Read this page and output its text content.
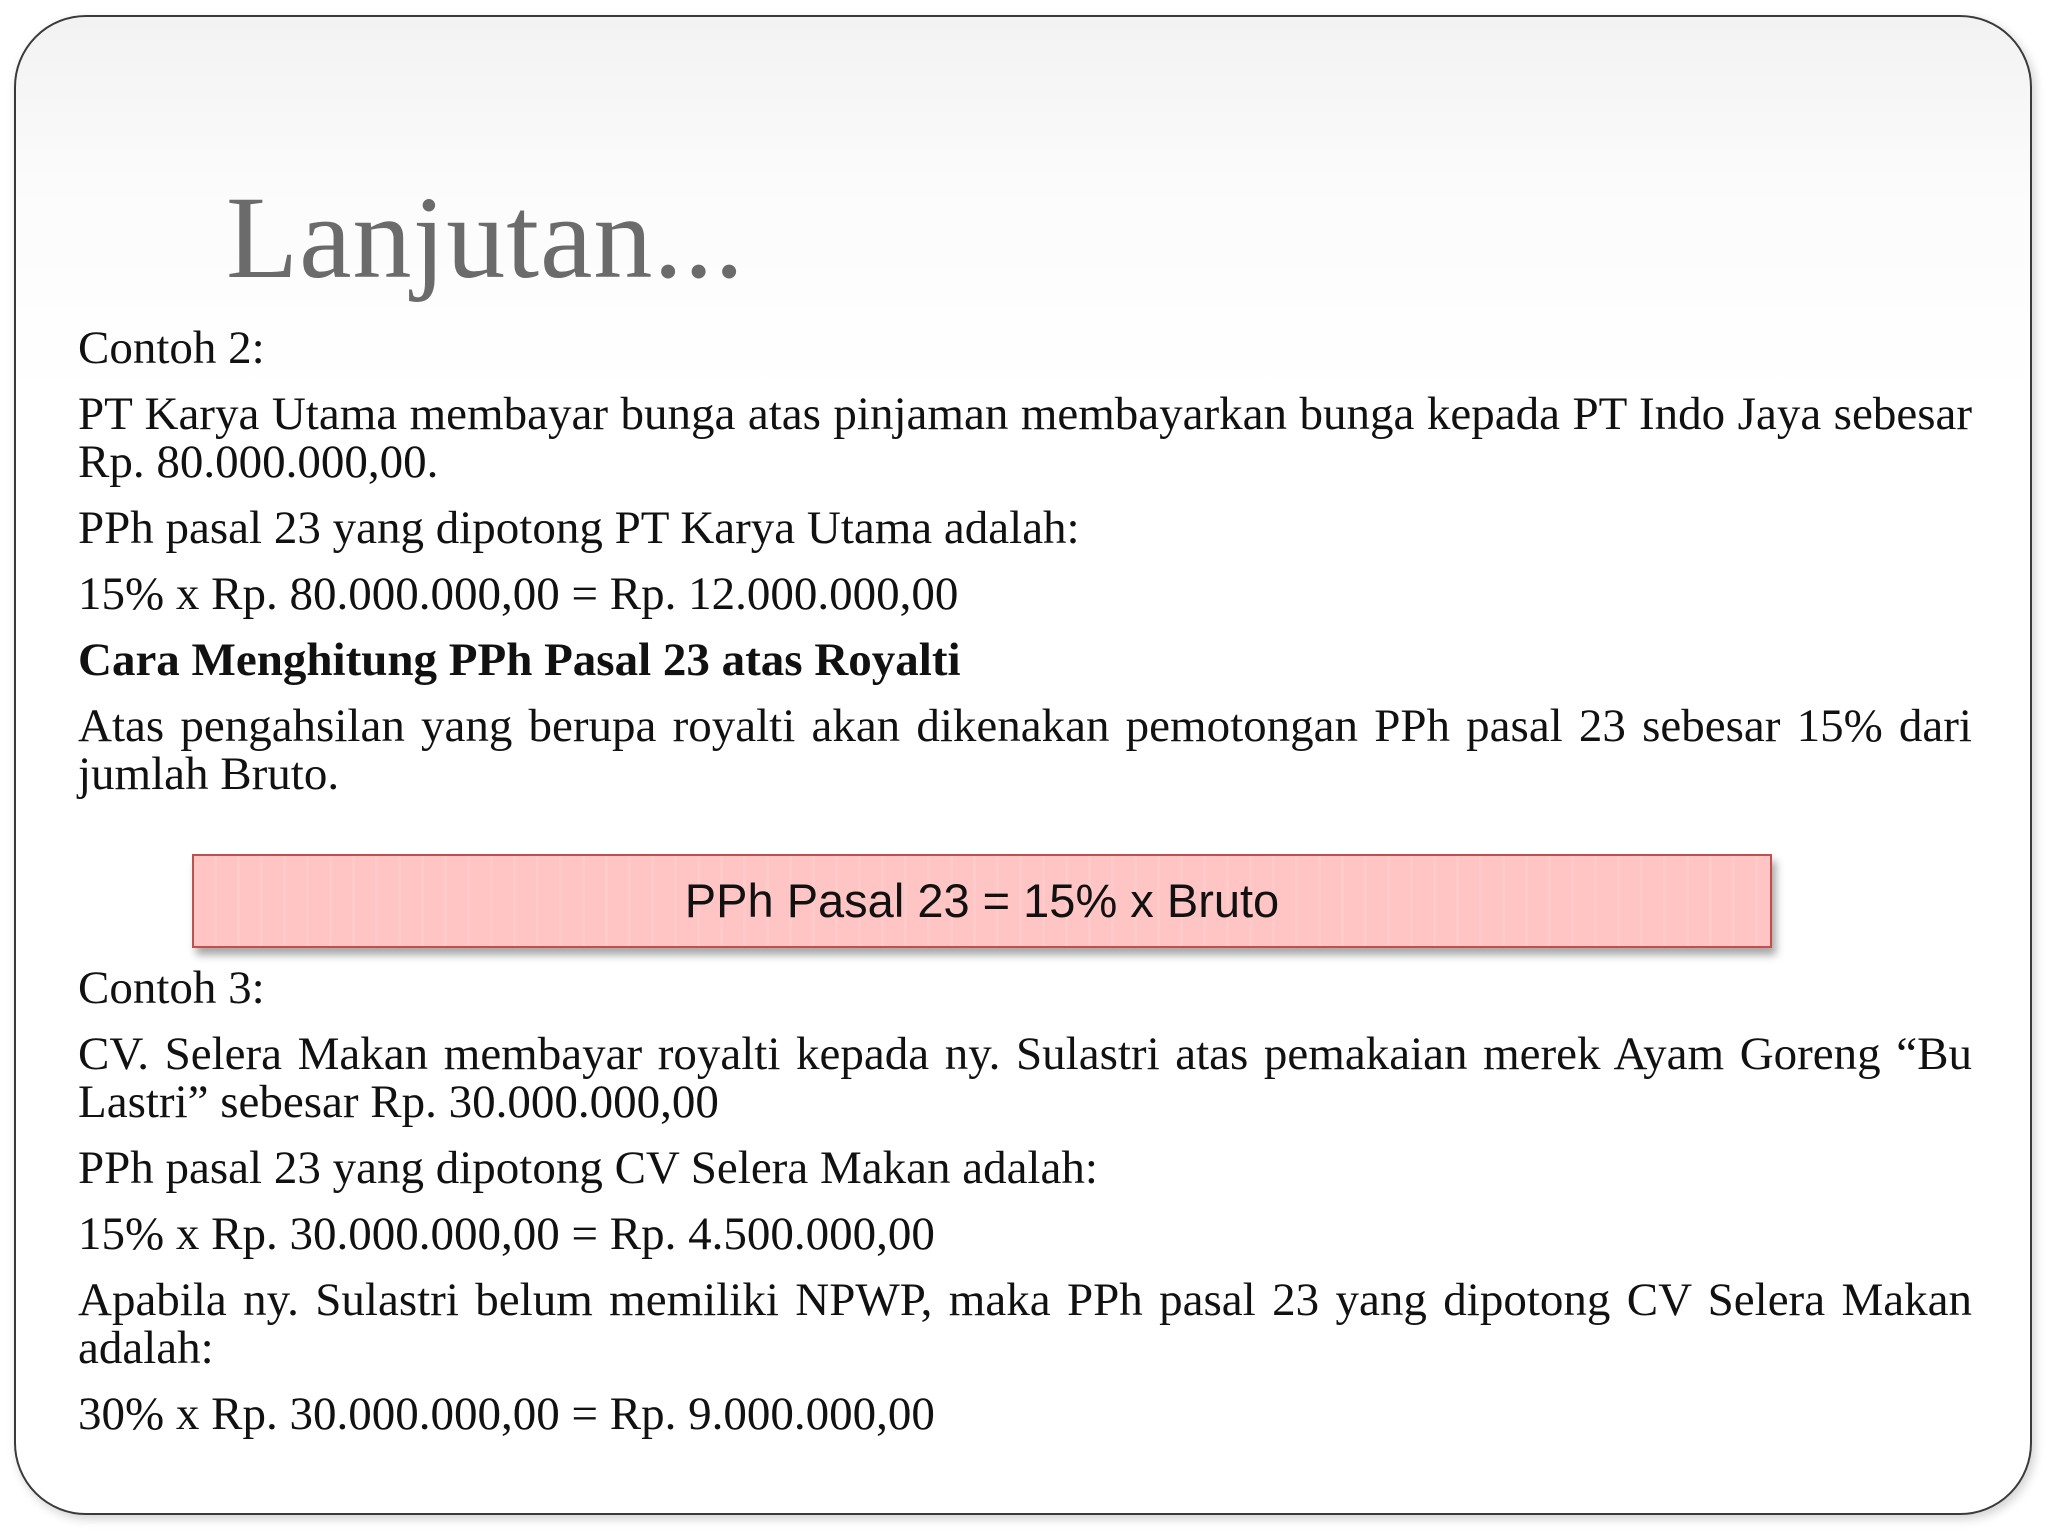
Lanjutan...

Contoh 2:

PT Karya Utama membayar bunga atas pinjaman membayarkan bunga kepada PT Indo Jaya sebesar Rp. 80.000.000,00.

PPh pasal 23 yang dipotong PT Karya Utama adalah:

15% x Rp. 80.000.000,00 = Rp. 12.000.000,00

Cara Menghitung PPh Pasal 23 atas Royalti

Atas pengahsilan yang berupa royalti akan dikenakan pemotongan PPh pasal 23 sebesar 15% dari jumlah Bruto.

PPh Pasal 23 = 15% x Bruto

Contoh 3:

CV. Selera Makan membayar royalti kepada ny. Sulastri atas pemakaian merek Ayam Goreng “Bu Lastri” sebesar Rp. 30.000.000,00

PPh pasal 23 yang dipotong CV Selera Makan adalah:

15% x Rp. 30.000.000,00 = Rp. 4.500.000,00

Apabila ny. Sulastri belum memiliki NPWP, maka PPh pasal 23 yang dipotong CV Selera Makan adalah:

30% x Rp. 30.000.000,00 = Rp. 9.000.000,00
